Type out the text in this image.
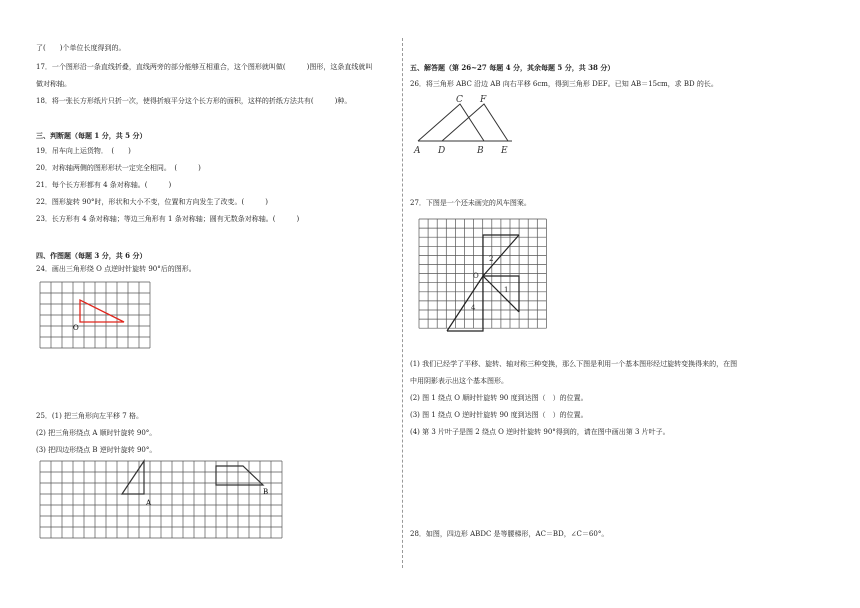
了(　　)个单位长度得到的。
17．一个图形沿一条直线折叠，直线两旁的部分能够互相重合，这个图形就叫做(　　　)图形，这条直线就叫
做对称轴。
18．将一张长方形纸片只折一次，使得折痕平分这个长方形的面积，这样的折纸方法共有(　　　)种。
三、判断题（每题 1 分，共 5 分）
19．吊车向上运货物．　(　　)
20．对称轴两侧的图形形状一定完全相同。　(　　　)
21．每个长方形都有 4 条对称轴。(　　　)
22．图形旋转 90°时，形状和大小不变，位置和方向发生了改变。(　　　)
23．长方形有 4 条对称轴；等边三角形有 1 条对称轴；圆有无数条对称轴。(　　　)
四、作图题（每题 3 分，共 6 分）
24．画出三角形绕 O 点逆时针旋转 90°后的图形。
O
25．(1) 把三角形向左平移 7 格。
(2) 把三角形绕点 A 顺时针旋转 90°。
(3) 把四边形绕点 B 逆时针旋转 90°。
A
B
五、解答题（第 26~27 每题 4 分，其余每题 5 分，共 38 分）
26．将三角形 ABC 沿边 AB 向右平移 6cm，得到三角形 DEF。已知 AB＝15cm，求 BD 的长。
A D	B E
C F
27．下图是一个还未画完的风车图案。
O
2
1
4
(1) 我们已经学了平移、旋转、轴对称三种变换，那么下图是利用一个基本图形经过旋转变换得来的，在图
中用阴影表示出这个基本图形。
(2) 图 1 绕点 O 顺时针旋转 90 度到达图（　）的位置。
(3) 图 1 绕点 O 逆时针旋转 90 度到达图（　）的位置。
(4) 第 3 片叶子是图 2 绕点 O 逆时针旋转 90°得到的，请在图中画出第 3 片叶子。
28．如图，四边形 ABDC 是等腰梯形，AC＝BD，∠C＝60°。
